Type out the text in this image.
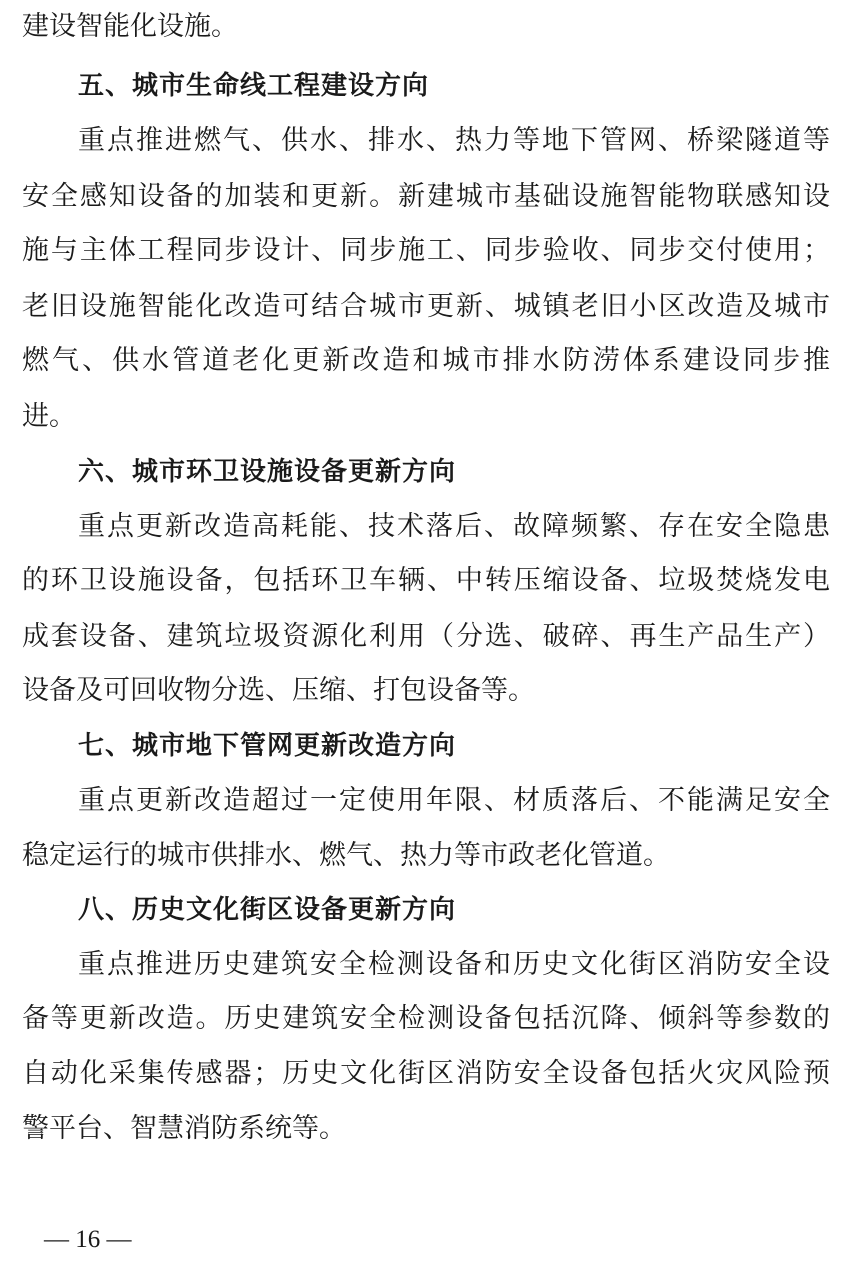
建设智能化设施。
五、城市生命线工程建设方向
重点推进燃气、供水、排水、热力等地下管网、桥梁隧道等
安全感知设备的加装和更新。新建城市基础设施智能物联感知设
施与主体工程同步设计、同步施工、同步验收、同步交付使用；
老旧设施智能化改造可结合城市更新、城镇老旧小区改造及城市
燃气、供水管道老化更新改造和城市排水防涝体系建设同步推
进。
六、城市环卫设施设备更新方向
重点更新改造高耗能、技术落后、故障频繁、存在安全隐患
的环卫设施设备，包括环卫车辆、中转压缩设备、垃圾焚烧发电
成套设备、建筑垃圾资源化利用（分选、破碎、再生产品生产）
设备及可回收物分选、压缩、打包设备等。
七、城市地下管网更新改造方向
重点更新改造超过一定使用年限、材质落后、不能满足安全
稳定运行的城市供排水、燃气、热力等市政老化管道。
八、历史文化街区设备更新方向
重点推进历史建筑安全检测设备和历史文化街区消防安全设
备等更新改造。历史建筑安全检测设备包括沉降、倾斜等参数的
自动化采集传感器；历史文化街区消防安全设备包括火灾风险预
警平台、智慧消防系统等。
— 16 —
